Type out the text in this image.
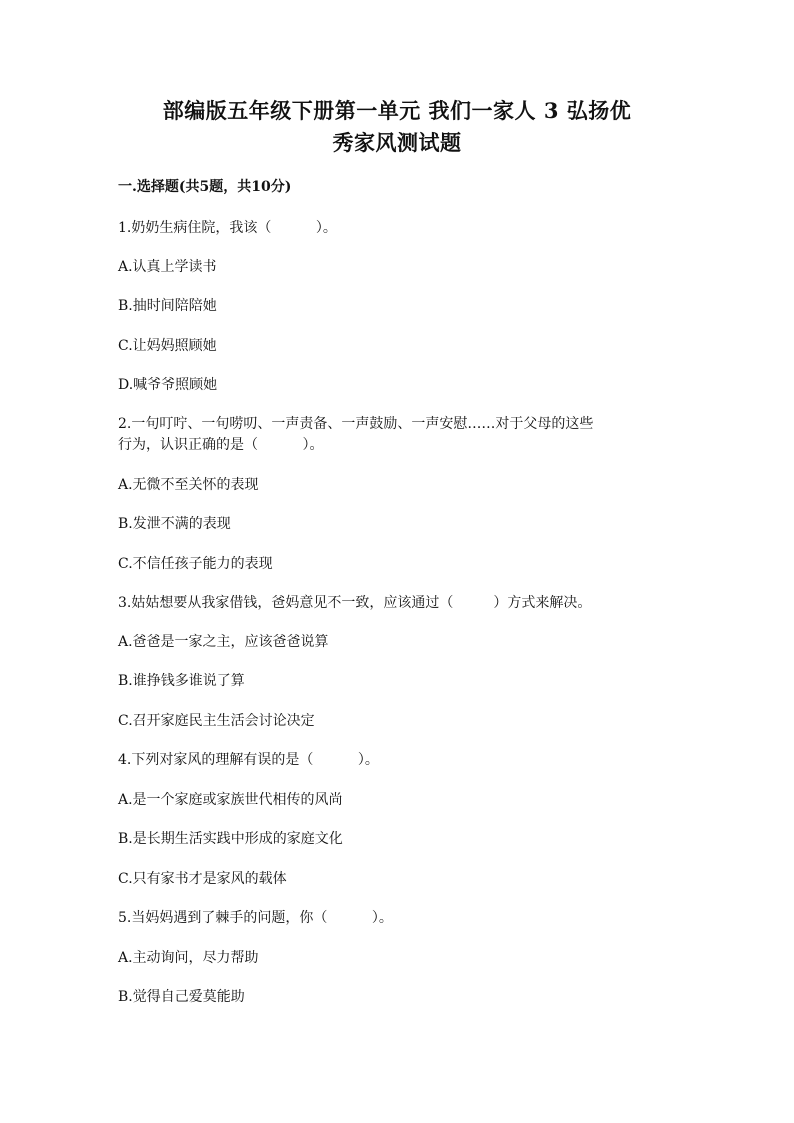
部编版五年级下册第一单元 我们一家人 3 弘扬优
秀家风测试题
一.选择题(共5题，共10分)
1.奶奶生病住院，我该（          ）。
A.认真上学读书
B.抽时间陪陪她
C.让妈妈照顾她
D.喊爷爷照顾她
2.一句叮咛、一句唠叨、一声责备、一声鼓励、一声安慰……对于父母的这些
行为，认识正确的是（          ）。
A.无微不至关怀的表现
B.发泄不满的表现
C.不信任孩子能力的表现
3.姑姑想要从我家借钱，爸妈意见不一致，应该通过（         ）方式来解决。
A.爸爸是一家之主，应该爸爸说算
B.谁挣钱多谁说了算
C.召开家庭民主生活会讨论决定
4.下列对家风的理解有误的是（          ）。
A.是一个家庭或家族世代相传的风尚
B.是长期生活实践中形成的家庭文化
C.只有家书才是家风的载体
5.当妈妈遇到了棘手的问题，你（          ）。
A.主动询问，尽力帮助
B.觉得自己爱莫能助
